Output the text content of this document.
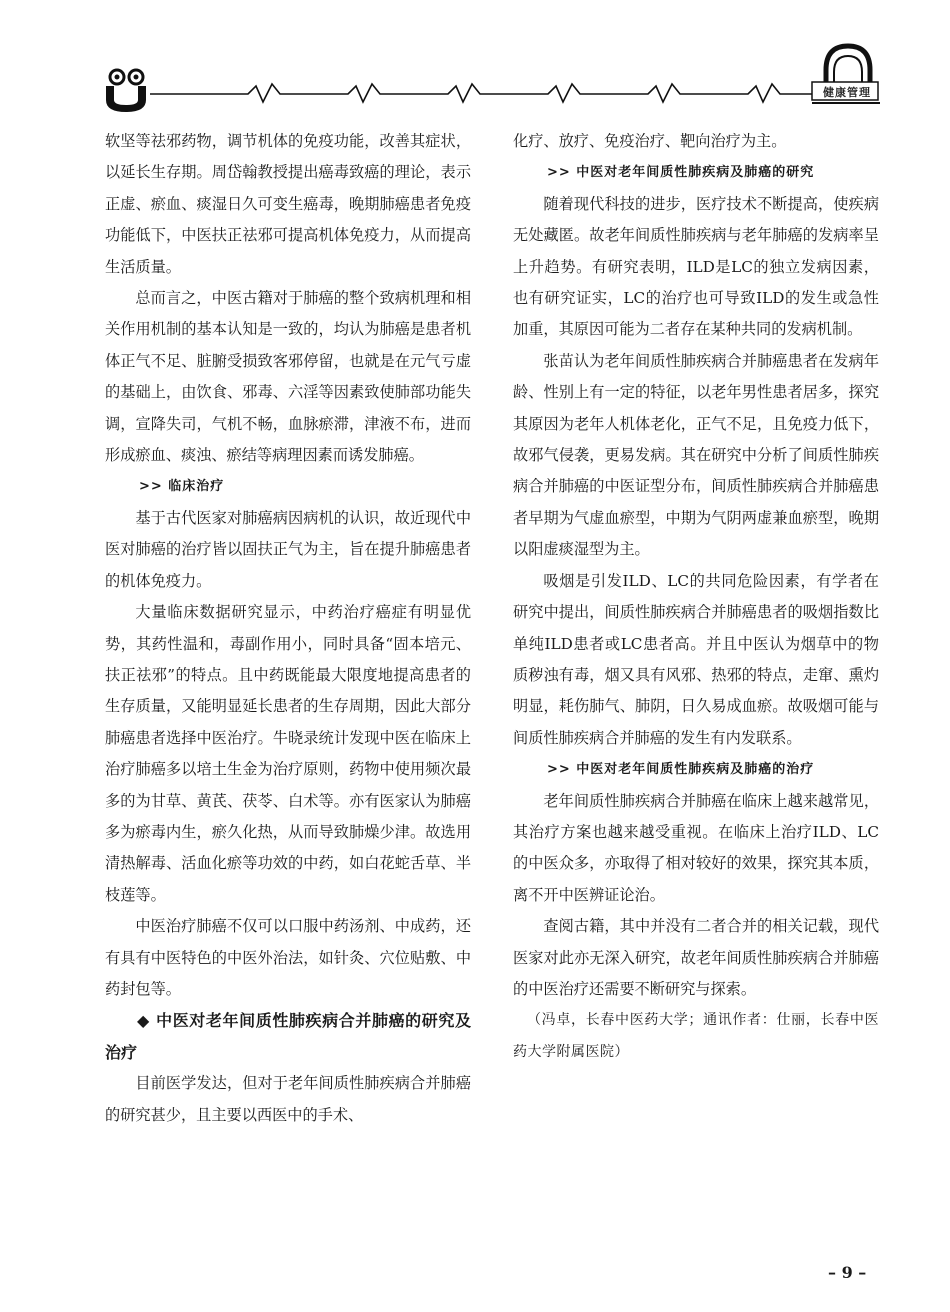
健康管理

软坚等祛邪药物，调节机体的免疫功能，改善其症状，以延长生存期。周岱翰教授提出癌毒致癌的理论，表示正虚、瘀血、痰湿日久可变生癌毒，晚期肺癌患者免疫功能低下，中医扶正祛邪可提高机体免疫力，从而提高生活质量。

总而言之，中医古籍对于肺癌的整个致病机理和相关作用机制的基本认知是一致的，均认为肺癌是患者机体正气不足、脏腑受损致客邪停留，也就是在元气亏虚的基础上，由饮食、邪毒、六淫等因素致使肺部功能失调，宣降失司，气机不畅，血脉瘀滞，津液不布，进而形成瘀血、痰浊、瘀结等病理因素而诱发肺癌。

>> 临床治疗

基于古代医家对肺癌病因病机的认识，故近现代中医对肺癌的治疗皆以固扶正气为主，旨在提升肺癌患者的机体免疫力。

大量临床数据研究显示，中药治疗癌症有明显优势，其药性温和，毒副作用小，同时具备“固本培元、扶正祛邪”的特点。且中药既能最大限度地提高患者的生存质量，又能明显延长患者的生存周期，因此大部分肺癌患者选择中医治疗。牛晓录统计发现中医在临床上治疗肺癌多以培土生金为治疗原则，药物中使用频次最多的为甘草、黄芪、茯苓、白术等。亦有医家认为肺癌多为瘀毒内生，瘀久化热，从而导致肺燥少津。故选用清热解毒、活血化瘀等功效的中药，如白花蛇舌草、半枝莲等。

中医治疗肺癌不仅可以口服中药汤剂、中成药，还有具有中医特色的中医外治法，如针灸、穴位贴敷、中药封包等。

◆ 中医对老年间质性肺疾病合并肺癌的研究及治疗

目前医学发达，但对于老年间质性肺疾病合并肺癌的研究甚少，且主要以西医中的手术、

化疗、放疗、免疫治疗、靶向治疗为主。

>> 中医对老年间质性肺疾病及肺癌的研究

随着现代科技的进步，医疗技术不断提高，使疾病无处藏匿。故老年间质性肺疾病与老年肺癌的发病率呈上升趋势。有研究表明，ILD是LC的独立发病因素，也有研究证实，LC的治疗也可导致ILD的发生或急性加重，其原因可能为二者存在某种共同的发病机制。

张苗认为老年间质性肺疾病合并肺癌患者在发病年龄、性别上有一定的特征，以老年男性患者居多，探究其原因为老年人机体老化，正气不足，且免疫力低下，故邪气侵袭，更易发病。其在研究中分析了间质性肺疾病合并肺癌的中医证型分布，间质性肺疾病合并肺癌患者早期为气虚血瘀型，中期为气阴两虚兼血瘀型，晚期以阳虚痰湿型为主。

吸烟是引发ILD、LC的共同危险因素，有学者在研究中提出，间质性肺疾病合并肺癌患者的吸烟指数比单纯ILD患者或LC患者高。并且中医认为烟草中的物质秽浊有毒，烟又具有风邪、热邪的特点，走窜、熏灼明显，耗伤肺气、肺阴，日久易成血瘀。故吸烟可能与间质性肺疾病合并肺癌的发生有内发联系。

>> 中医对老年间质性肺疾病及肺癌的治疗

老年间质性肺疾病合并肺癌在临床上越来越常见，其治疗方案也越来越受重视。在临床上治疗ILD、LC的中医众多，亦取得了相对较好的效果，探究其本质，离不开中医辨证论治。

查阅古籍，其中并没有二者合并的相关记载，现代医家对此亦无深入研究，故老年间质性肺疾病合并肺癌的中医治疗还需要不断研究与探索。

（冯卓，长春中医药大学；通讯作者：仕丽，长春中医药大学附属医院）

– 9 –
